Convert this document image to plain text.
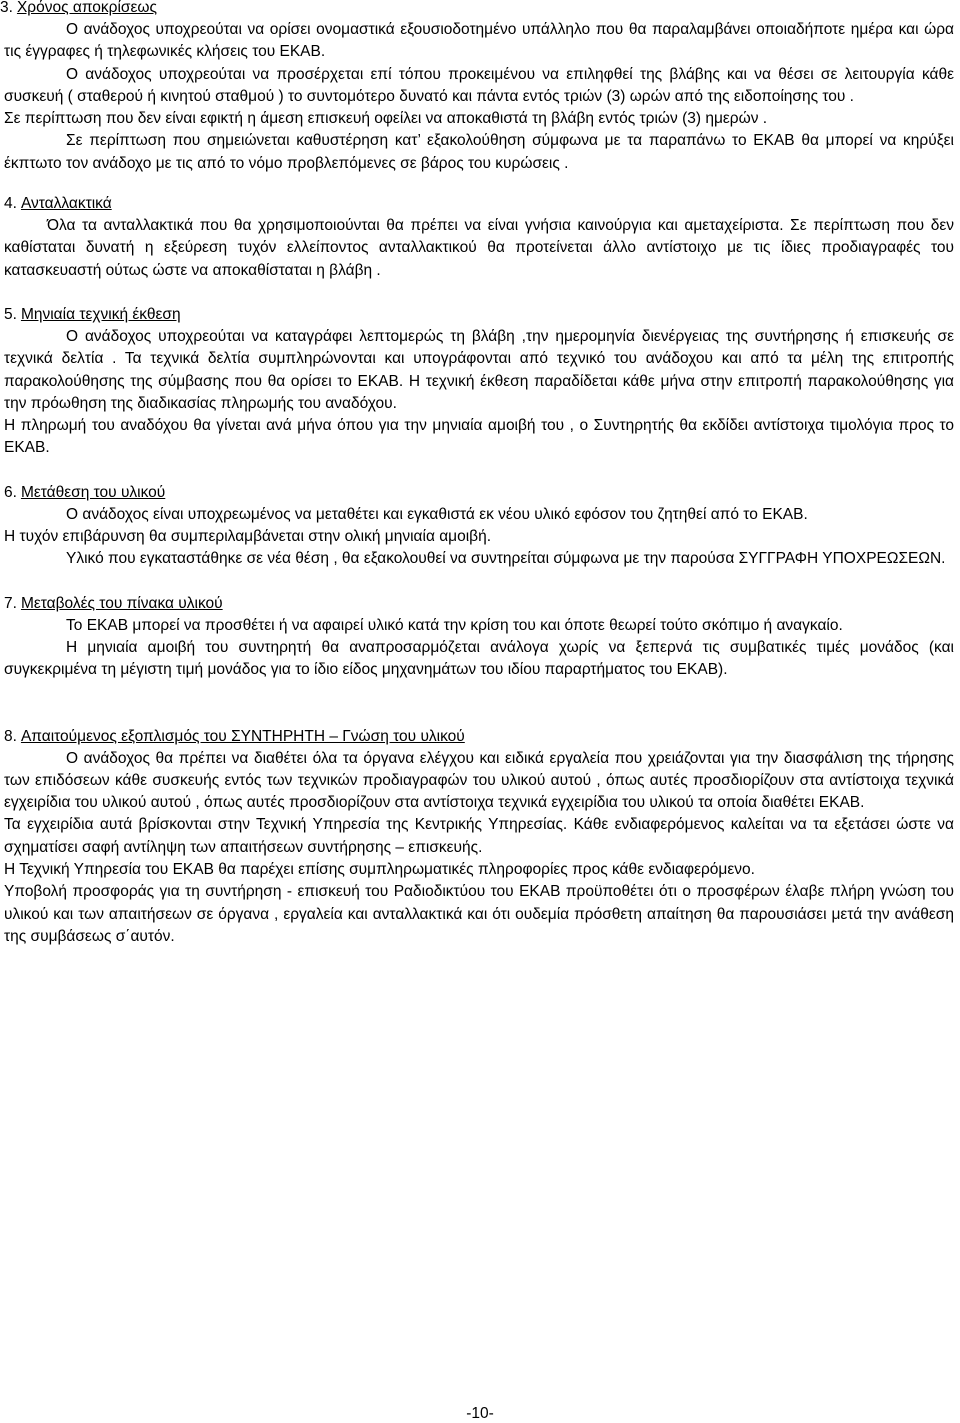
3. Χρόνος αποκρίσεως

Ο ανάδοχος υποχρεούται να ορίσει ονομαστικά εξουσιοδοτημένο υπάλληλο που θα παραλαμβάνει οποιαδήποτε ημέρα και ώρα τις έγγραφες ή τηλεφωνικές κλήσεις του ΕΚΑΒ.

Ο ανάδοχος υποχρεούται να προσέρχεται επί τόπου προκειμένου να επιληφθεί της βλάβης και να θέσει σε λειτουργία κάθε συσκευή ( σταθερού ή κινητού σταθμού ) το συντομότερο δυνατό και πάντα εντός τριών (3) ωρών από της ειδοποίησης του .

Σε περίπτωση που δεν είναι εφικτή η άμεση επισκευή οφείλει να αποκαθιστά τη βλάβη εντός τριών (3) ημερών .

Σε περίπτωση που σημειώνεται καθυστέρηση κατ’ εξακολούθηση σύμφωνα με τα παραπάνω το ΕΚΑΒ θα μπορεί να κηρύξει έκπτωτο τον ανάδοχο με τις από το νόμο προβλεπόμενες σε βάρος του κυρώσεις .

4. Ανταλλακτικά

Όλα τα ανταλλακτικά που θα χρησιμοποιούνται θα πρέπει να είναι γνήσια καινούργια και αμεταχείριστα. Σε περίπτωση που δεν καθίσταται δυνατή η εξεύρεση τυχόν ελλείποντος ανταλλακτικού θα προτείνεται άλλο αντίστοιχο με τις ίδιες προδιαγραφές του κατασκευαστή ούτως ώστε να αποκαθίσταται η βλάβη .

5. Μηνιαία τεχνική έκθεση

Ο ανάδοχος υποχρεούται να καταγράφει λεπτομερώς τη βλάβη ,την ημερομηνία διενέργειας της συντήρησης ή επισκευής σε τεχνικά δελτία . Τα τεχνικά δελτία συμπληρώνονται και υπογράφονται από τεχνικό του ανάδοχου και από τα μέλη της επιτροπής παρακολούθησης της σύμβασης που θα ορίσει το ΕΚΑΒ. Η τεχνική έκθεση παραδίδεται κάθε μήνα στην επιτροπή παρακολούθησης για την πρόωθηση της διαδικασίας πληρωμής του αναδόχου.

Η πληρωμή του αναδόχου θα γίνεται ανά μήνα όπου για την μηνιαία αμοιβή του , ο Συντηρητής θα εκδίδει αντίστοιχα τιμολόγια προς το ΕΚΑΒ.

6. Μετάθεση του υλικού

Ο ανάδοχος είναι υποχρεωμένος να μεταθέτει και εγκαθιστά εκ νέου υλικό εφόσον του ζητηθεί από το ΕΚΑΒ.

Η τυχόν επιβάρυνση θα συμπεριλαμβάνεται στην ολική μηνιαία αμοιβή.

Υλικό που εγκαταστάθηκε σε νέα θέση , θα εξακολουθεί να συντηρείται σύμφωνα με την παρούσα ΣΥΓΓΡΑΦΗ ΥΠΟΧΡΕΩΣΕΩΝ.

7. Μεταβολές του πίνακα υλικού

Το ΕΚΑΒ μπορεί να προσθέτει ή να αφαιρεί υλικό κατά την κρίση του και όποτε θεωρεί τούτο σκόπιμο ή αναγκαίο.

Η μηνιαία αμοιβή του συντηρητή θα αναπροσαρμόζεται ανάλογα χωρίς να ξεπερνά τις συμβατικές τιμές μονάδος (και συγκεκριμένα τη μέγιστη τιμή μονάδος για το ίδιο είδος μηχανημάτων του ιδίου παραρτήματος του ΕΚΑΒ).

8. Απαιτούμενος εξοπλισμός του ΣΥΝΤΗΡΗΤΗ – Γνώση του υλικού

Ο ανάδοχος θα πρέπει να διαθέτει όλα τα όργανα ελέγχου και ειδικά εργαλεία που χρειάζονται για την διασφάλιση της τήρησης των επιδόσεων κάθε συσκευής εντός των τεχνικών προδιαγραφών του υλικού αυτού , όπως αυτές προσδιορίζουν στα αντίστοιχα τεχνικά εγχειρίδια του υλικού αυτού , όπως αυτές προσδιορίζουν στα αντίστοιχα τεχνικά εγχειρίδια του υλικού τα οποία διαθέτει ΕΚΑΒ.

Τα εγχειρίδια αυτά βρίσκονται στην Τεχνική Υπηρεσία της Κεντρικής Υπηρεσίας. Κάθε ενδιαφερόμενος καλείται να τα εξετάσει ώστε να σχηματίσει σαφή αντίληψη των απαιτήσεων συντήρησης – επισκευής.

Η Τεχνική Υπηρεσία του ΕΚΑΒ θα παρέχει επίσης συμπληρωματικές πληροφορίες προς κάθε ενδιαφερόμενο.

Υποβολή προσφοράς για τη συντήρηση - επισκευή του Ραδιοδικτύου του ΕΚΑΒ προϋποθέτει ότι ο προσφέρων έλαβε πλήρη γνώση του υλικού και των απαιτήσεων σε όργανα , εργαλεία και ανταλλακτικά και ότι ουδεμία πρόσθετη απαίτηση θα παρουσιάσει μετά την ανάθεση της συμβάσεως σ΄αυτόν.

-10-
